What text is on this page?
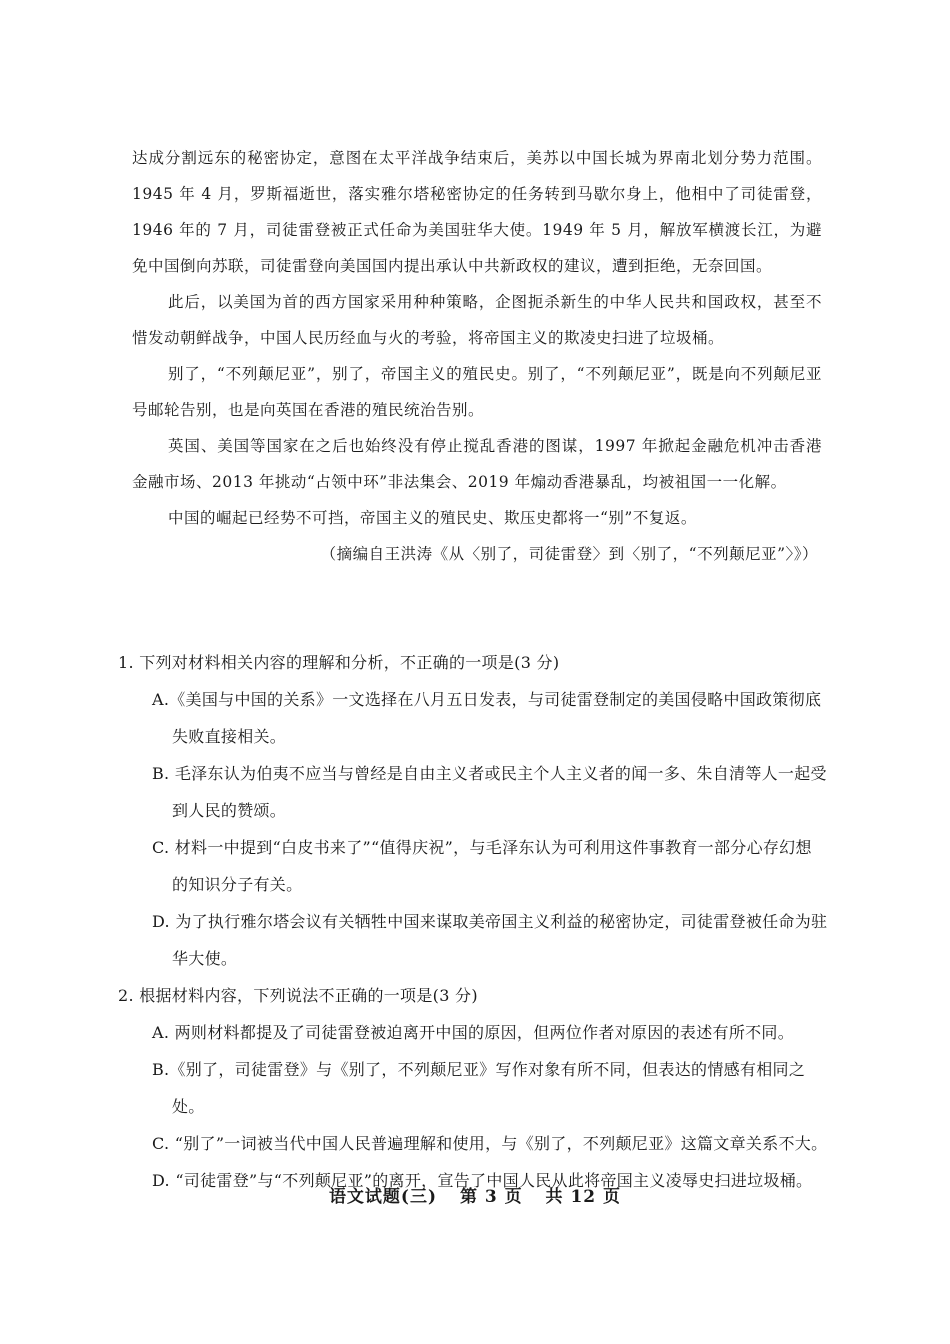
达成分割远东的秘密协定，意图在太平洋战争结束后，美苏以中国长城为界南北划分势力范围。1945 年 4 月，罗斯福逝世，落实雅尔塔秘密协定的任务转到马歇尔身上，他相中了司徒雷登，1946 年的 7 月，司徒雷登被正式任命为美国驻华大使。1949 年 5 月，解放军横渡长江，为避免中国倒向苏联，司徒雷登向美国国内提出承认中共新政权的建议，遭到拒绝，无奈回国。

此后，以美国为首的西方国家采用种种策略，企图扼杀新生的中华人民共和国政权，甚至不惜发动朝鲜战争，中国人民历经血与火的考验，将帝国主义的欺凌史扫进了垃圾桶。

别了，“不列颠尼亚”，别了，帝国主义的殖民史。别了，“不列颠尼亚”，既是向不列颠尼亚号邮轮告别，也是向英国在香港的殖民统治告别。

英国、美国等国家在之后也始终没有停止搅乱香港的图谋，1997 年掀起金融危机冲击香港金融市场、2013 年挑动“占领中环”非法集会、2019 年煽动香港暴乱，均被祖国一一化解。

中国的崛起已经势不可挡，帝国主义的殖民史、欺压史都将一“别”不复返。

（摘编自王洪涛《从〈别了，司徒雷登〉到〈别了，“不列颠尼亚”〉》）

1. 下列对材料相关内容的理解和分析，不正确的一项是(3 分)

A.《美国与中国的关系》一文选择在八月五日发表，与司徒雷登制定的美国侵略中国政策彻底失败直接相关。

B. 毛泽东认为伯夷不应当与曾经是自由主义者或民主个人主义者的闻一多、朱自清等人一起受到人民的赞颂。

C. 材料一中提到“白皮书来了”“值得庆祝”，与毛泽东认为可利用这件事教育一部分心存幻想的知识分子有关。

D. 为了执行雅尔塔会议有关牺牲中国来谋取美帝国主义利益的秘密协定，司徒雷登被任命为驻华大使。

2. 根据材料内容，下列说法不正确的一项是(3 分)

A. 两则材料都提及了司徒雷登被迫离开中国的原因，但两位作者对原因的表述有所不同。

B.《别了，司徒雷登》与《别了，不列颠尼亚》写作对象有所不同，但表达的情感有相同之处。

C. “别了”一词被当代中国人民普遍理解和使用，与《别了，不列颠尼亚》这篇文章关系不大。

D. “司徒雷登”与“不列颠尼亚”的离开，宣告了中国人民从此将帝国主义凌辱史扫进垃圾桶。

语文试题(三) 第 3 页 共 12 页
